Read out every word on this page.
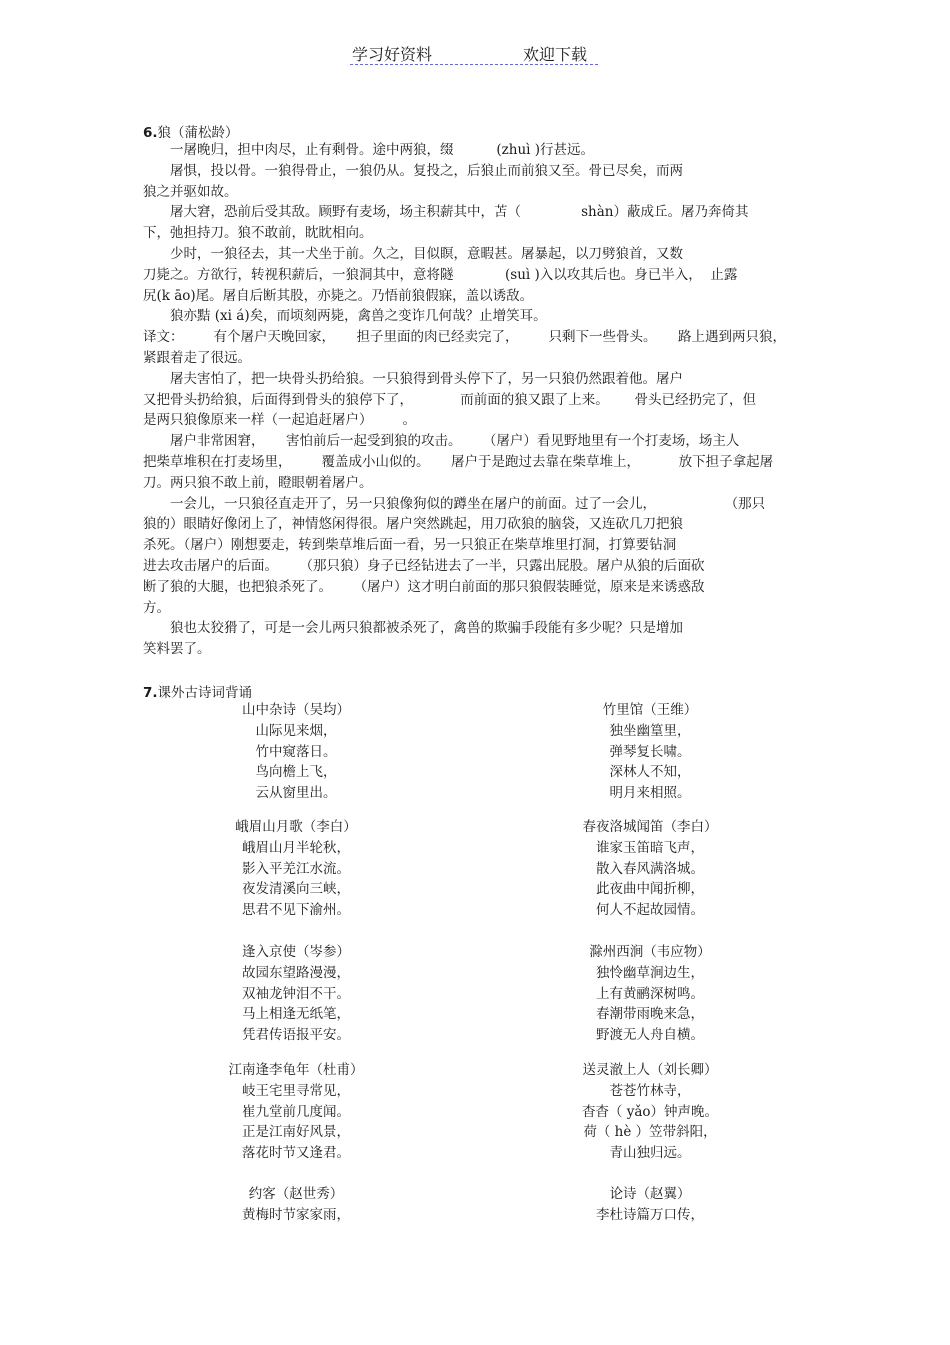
学习好资料	欢迎下载
6.狼（蒲松龄）
一屠晚归，担中肉尽，止有剩骨。途中两狼，缀          (zhuì )行甚远。
屠惧，投以骨。一狼得骨止，一狼仍从。复投之，后狼止而前狼又至。骨已尽矣，而两
狼之并驱如故。
屠大窘，恐前后受其敌。顾野有麦场，场主积薪其中，苫（              shàn）蔽成丘。屠乃奔倚其
下，弛担持刀。狼不敢前，眈眈相向。
少时，一狼径去，其一犬坐于前。久之，目似瞑，意暇甚。屠暴起，以刀劈狼首，又数
刀毙之。方欲行，转视积薪后，一狼洞其中，意将隧            (suì )入以攻其后也。身已半入，  止露
尻(k āo)尾。屠自后断其股，亦毙之。乃悟前狼假寐，盖以诱敌。
狼亦黠 (xi á)矣，而顷刻两毙，禽兽之变诈几何哉？止增笑耳。
译文：       有个屠户天晚回家，     担子里面的肉已经卖完了，       只剩下一些骨头。     路上遇到两只狼，
紧跟着走了很远。
屠夫害怕了，把一块骨头扔给狼。一只狼得到骨头停下了，另一只狼仍然跟着他。屠户
又把骨头扔给狼，后面得到骨头的狼停下了，           而前面的狼又跟了上来。      骨头已经扔完了，但
是两只狼像原来一样（一起追赶屠户）       。
屠户非常困窘，     害怕前后一起受到狼的攻击。     （屠户）看见野地里有一个打麦场，场主人
把柴草堆积在打麦场里，       覆盖成小山似的。     屠户于是跑过去靠在柴草堆上，         放下担子拿起屠
刀。两只狼不敢上前，瞪眼朝着屠户。
一会儿，一只狼径直走开了，另一只狼像狗似的蹲坐在屠户的前面。过了一会儿，                （那只
狼的）眼睛好像闭上了，神情悠闲得很。屠户突然跳起，用刀砍狼的脑袋，又连砍几刀把狼
杀死。（屠户）刚想要走，转到柴草堆后面一看，另一只狼正在柴草堆里打洞，打算要钻洞
进去攻击屠户的后面。     （那只狼）身子已经钻进去了一半，只露出屁股。屠户从狼的后面砍
断了狼的大腿，也把狼杀死了。     （屠户）这才明白前面的那只狼假装睡觉，原来是来诱惑敌
方。
狼也太狡猾了，可是一会儿两只狼都被杀死了，禽兽的欺骗手段能有多少呢？只是增加
笑料罢了。
7.课外古诗词背诵
山中杂诗（吴均）
山际见来烟，
竹中窥落日。
鸟向檐上飞，
云从窗里出。
竹里馆（王维）
独坐幽篁里，
弹琴复长啸。
深林人不知，
明月来相照。
峨眉山月歌（李白）
峨眉山月半轮秋，
影入平羌江水流。
夜发清溪向三峡，
思君不见下渝州。
春夜洛城闻笛（李白）
谁家玉笛暗飞声，
散入春风满洛城。
此夜曲中闻折柳，
何人不起故园情。
逢入京使（岑参）
故园东望路漫漫，
双袖龙钟泪不干。
马上相逢无纸笔，
凭君传语报平安。
滁州西涧（韦应物）
独怜幽草涧边生，
上有黄鹂深树鸣。
春潮带雨晚来急，
野渡无人舟自横。
江南逢李龟年（杜甫）
岐王宅里寻常见，
崔九堂前几度闻。
正是江南好风景，
落花时节又逢君。
送灵澈上人（刘长卿）
苍苍竹林寺，
杳杳（ yǎo）钟声晚。
荷（ hè ）笠带斜阳，
青山独归远。
约客（赵世秀）
黄梅时节家家雨，
论诗（赵翼）
李杜诗篇万口传，
